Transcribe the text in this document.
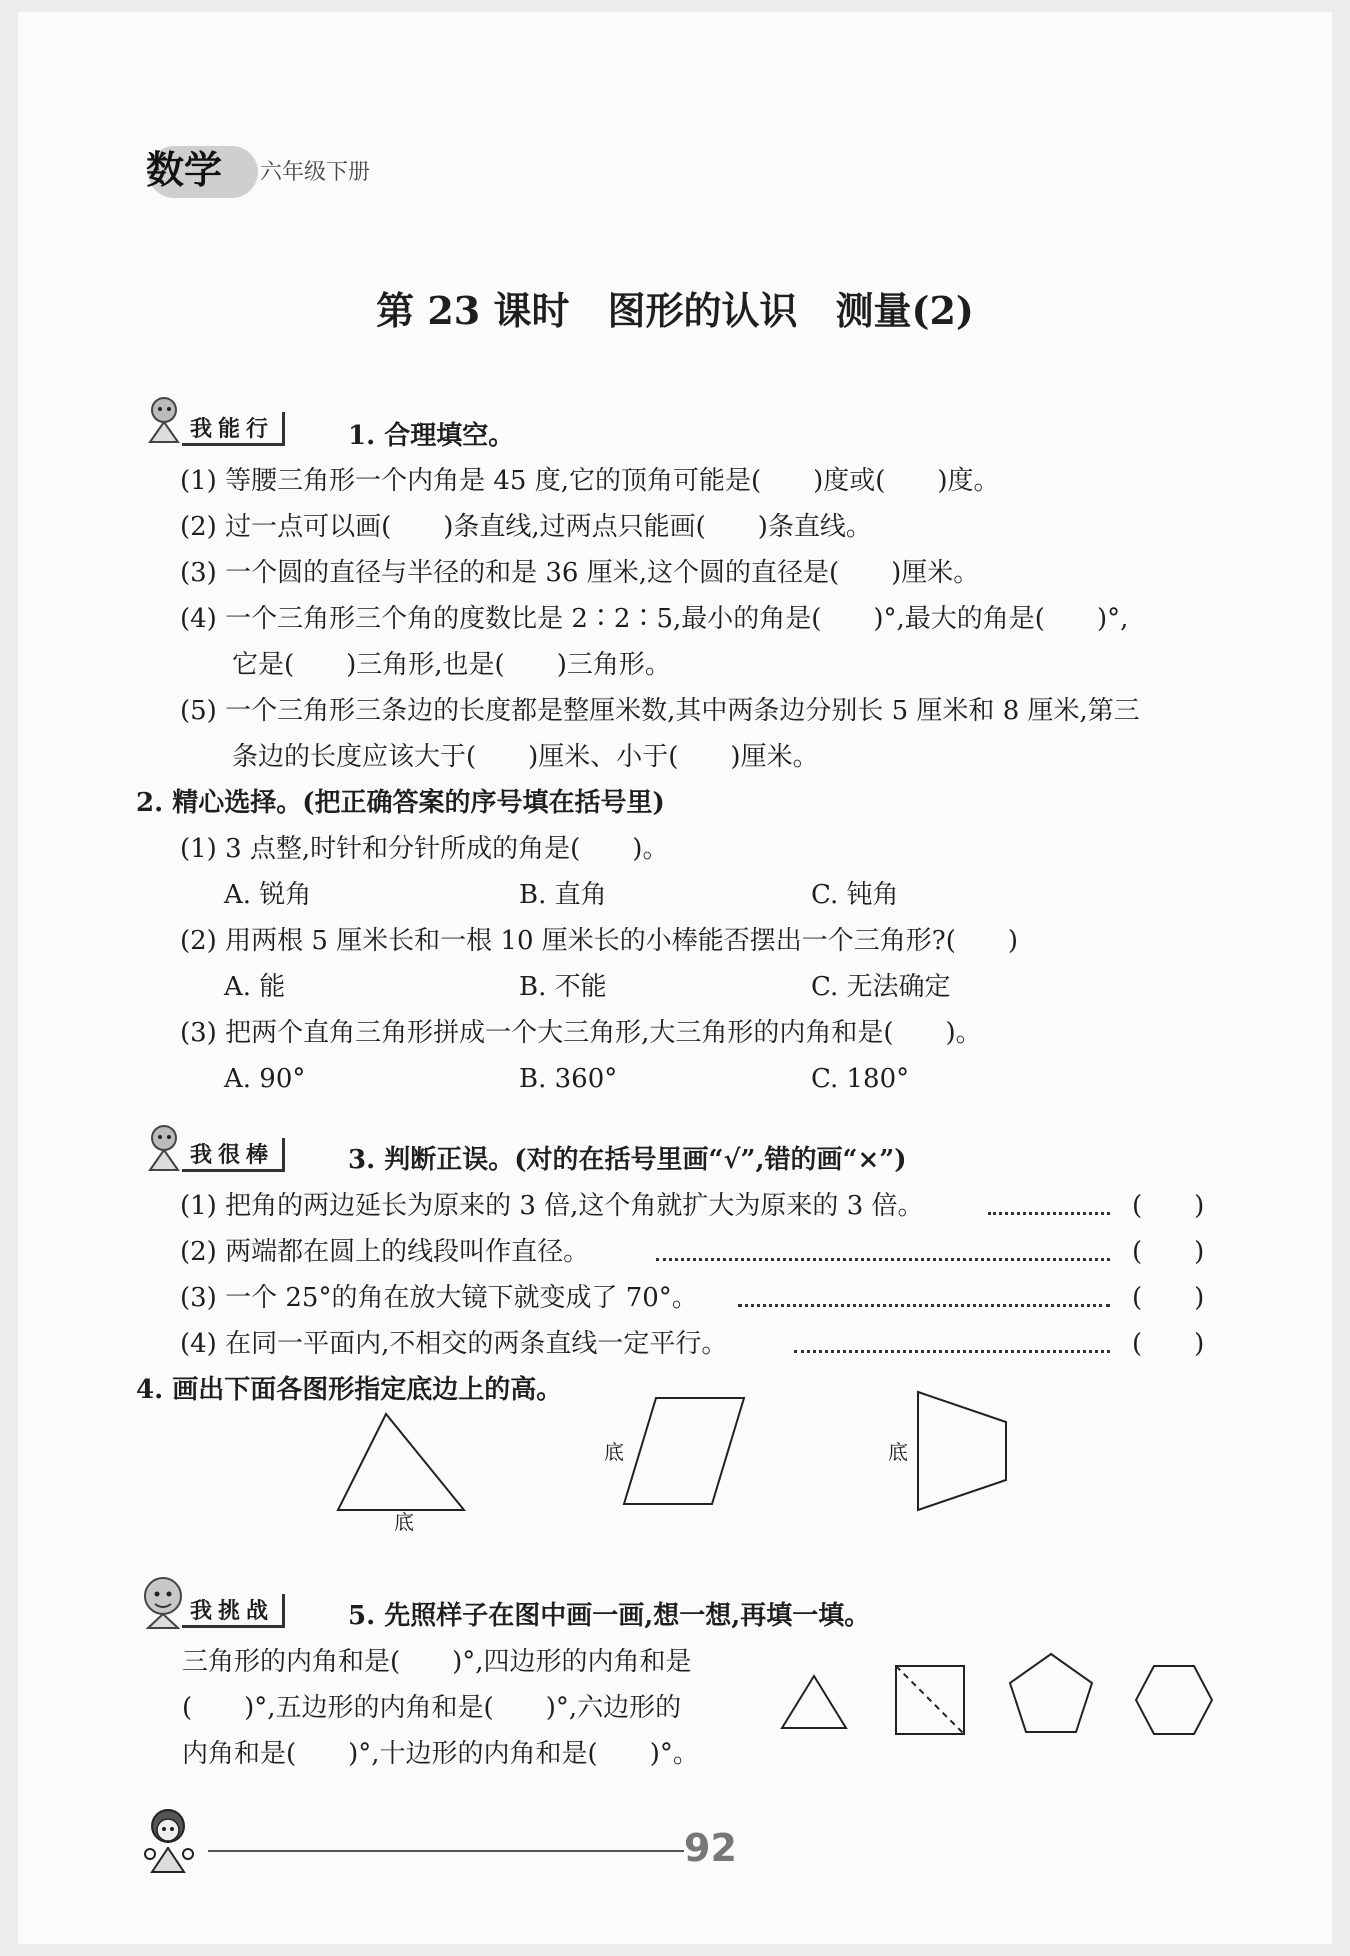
数学 六年级下册
第 23 课时　图形的认识　测量(2)
我能行	1. 合理填空。
(1) 等腰三角形一个内角是 45 度,它的顶角可能是(　　)度或(　　)度。
(2) 过一点可以画(　　)条直线,过两点只能画(　　)条直线。
(3) 一个圆的直径与半径的和是 36 厘米,这个圆的直径是(　　)厘米。
(4) 一个三角形三个角的度数比是 2∶2∶5,最小的角是(　　)°,最大的角是(　　)°,
它是(　　)三角形,也是(　　)三角形。
(5) 一个三角形三条边的长度都是整厘米数,其中两条边分别长 5 厘米和 8 厘米,第三
条边的长度应该大于(　　)厘米、小于(　　)厘米。
2. 精心选择。(把正确答案的序号填在括号里)
(1) 3 点整,时针和分针所成的角是(　　)。
A. 锐角	B. 直角	C. 钝角
(2) 用两根 5 厘米长和一根 10 厘米长的小棒能否摆出一个三角形?(　　)
A. 能	B. 不能	C. 无法确定
(3) 把两个直角三角形拼成一个大三角形,大三角形的内角和是(　　)。
A. 90°	B. 360°	C. 180°
我很棒	3. 判断正误。(对的在括号里画“√”,错的画“×”)
(1) 把角的两边延长为原来的 3 倍,这个角就扩大为原来的 3 倍。	(　　)
(2) 两端都在圆上的线段叫作直径。	(　　)
(3) 一个 25°的角在放大镜下就变成了 70°。	(　　)
(4) 在同一平面内,不相交的两条直线一定平行。	(　　)
4. 画出下面各图形指定底边上的高。
底
底	底
我挑战	5. 先照样子在图中画一画,想一想,再填一填。
三角形的内角和是(　　)°,四边形的内角和是
(　　)°,五边形的内角和是(　　)°,六边形的
内角和是(　　)°,十边形的内角和是(　　)°。
92
